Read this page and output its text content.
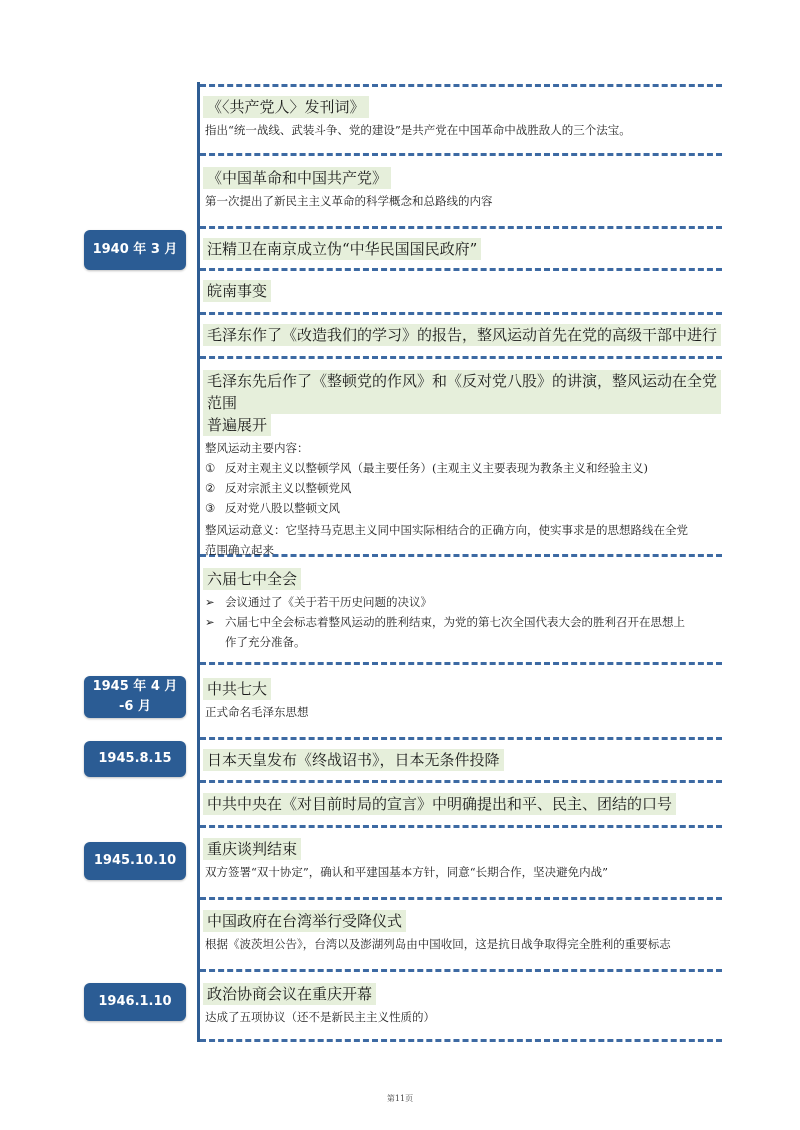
1940 年 3 月
1945 年 4 月
-6 月
1945.8.15
1945.10.10
1946.1.10
《〈共产党人〉发刊词》
指出“统一战线、武装斗争、党的建设”是共产党在中国革命中战胜敌人的三个法宝。
《中国革命和中国共产党》
第一次提出了新民主主义革命的科学概念和总路线的内容
汪精卫在南京成立伪“中华民国国民政府”
皖南事变
毛泽东作了《改造我们的学习》的报告，整风运动首先在党的高级干部中进行
毛泽东先后作了《整顿党的作风》和《反对党八股》的讲演，整风运动在全党范围
普遍展开
整风运动主要内容：
① 反对主观主义以整顿学风（最主要任务）(主观主义主要表现为教条主义和经验主义)
② 反对宗派主义以整顿党风
③ 反对党八股以整顿文风
整风运动意义：它坚持马克思主义同中国实际相结合的正确方向，使实事求是的思想路线在全党
范围确立起来
六届七中全会
➢ 会议通过了《关于若干历史问题的决议》
➢ 六届七中全会标志着整风运动的胜利结束，为党的第七次全国代表大会的胜利召开在思想上
作了充分准备。
中共七大
正式命名毛泽东思想
日本天皇发布《终战诏书》，日本无条件投降
中共中央在《对目前时局的宣言》中明确提出和平、民主、团结的口号
重庆谈判结束
双方签署“双十协定”，确认和平建国基本方针，同意“长期合作，坚决避免内战”
中国政府在台湾举行受降仪式
根据《波茨坦公告》，台湾以及澎湖列岛由中国收回，这是抗日战争取得完全胜利的重要标志
政治协商会议在重庆开幕
达成了五项协议（还不是新民主主义性质的）
第11页
